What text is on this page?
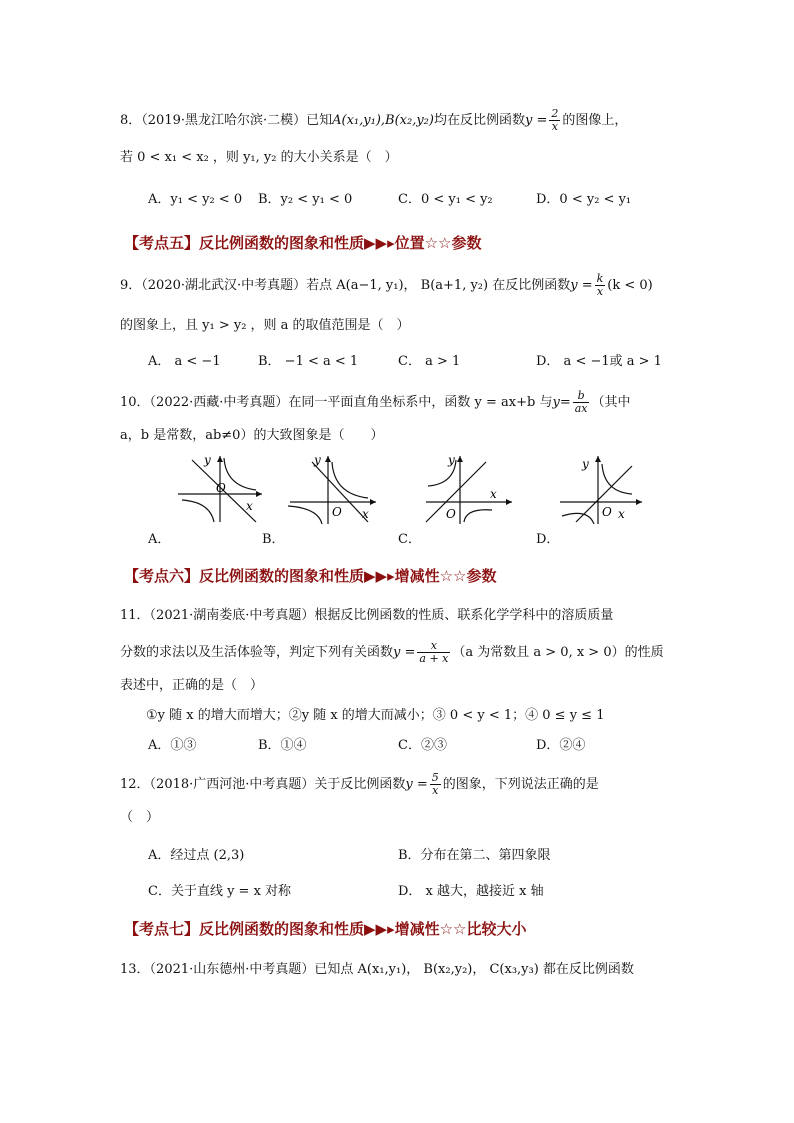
8．（2019·黑龙江哈尔滨·二模）已知A(x₁,y₁),B(x₂,y₂)均在反比例函数$y = \frac{2}{x}$ 的图像上，
若 0 < x₁ < x₂ ，则 y₁, y₂ 的大小关系是（　）
A．y₁ < y₂ < 0 B．y₂ < y₁ < 0	C．0 < y₁ < y₂	D．0 < y₂ < y₁
【考点五】反比例函数的图象和性质▶▶▸位置☆☆参数
9．（2020·湖北武汉·中考真题）若点 A(a−1, y₁)， B(a+1, y₂) 在反比例函数$y = \frac{k}{x} (k < 0)$
的图象上，且 y₁ > y₂ ，则 a 的取值范围是（　）
A． a < −1	B． −1 < a < 1	C． a > 1	D． a < −1或 a > 1
10．（2022·西藏·中考真题）在同一平面直角坐标系中，函数 y = ax+b 与$y= \frac{b}{ax}$ （其中
a，b 是常数，ab≠0）的大致图象是（　　）
y
x
O
y
x
O
y
x
O
y
x
O
A．	B．	C．	D．
【考点六】反比例函数的图象和性质▶▶▸增减性☆☆参数
11．（2021·湖南娄底·中考真题）根据反比例函数的性质、联系化学学科中的溶质质量
分数的求法以及生活体验等，判定下列有关函数$y = \frac{x}{a + x} (a$ 为常数且 a > 0, x > 0）的性质
表述中，正确的是（　）
①y 随 x 的增大而增大；②y 随 x 的增大而减小；③ 0 < y < 1；④ 0 ≤ y ≤ 1
A．①③	B．①④	C．②③	D．②④
12．（2018·广西河池·中考真题）关于反比例函数$y = \frac{5}{x}$ 的图象，下列说法正确的是
（　）
A．经过点 (2,3)	B．分布在第二、第四象限
C．关于直线 y = x 对称	D． x 越大，越接近 x 轴
【考点七】反比例函数的图象和性质▶▶▸增减性☆☆比较大小
13．（2021·山东德州·中考真题）已知点 A(x₁,y₁)， B(x₂,y₂)， C(x₃,y₃) 都在反比例函数
